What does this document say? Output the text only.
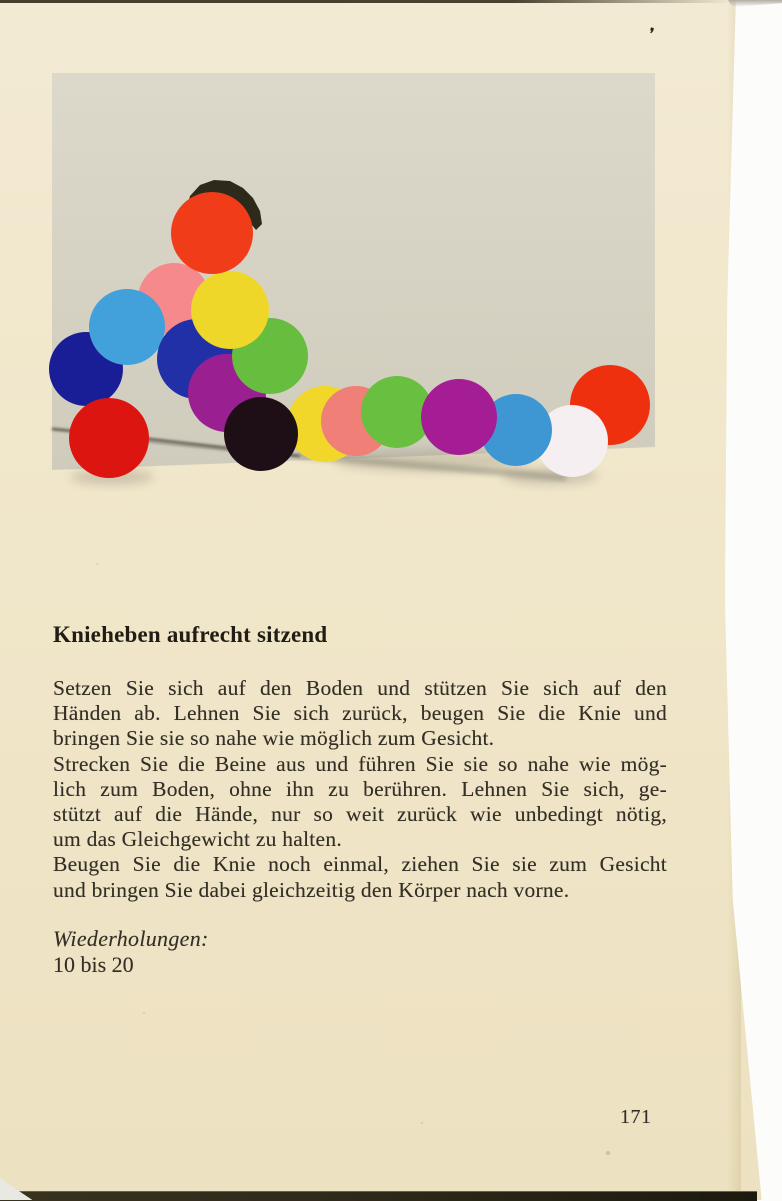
❜
Knieheben aufrecht sitzend
Setzen Sie sich auf den Boden und stützen Sie sich auf den
Händen ab. Lehnen Sie sich zurück, beugen Sie die Knie und
bringen Sie sie so nahe wie möglich zum Gesicht.
Strecken Sie die Beine aus und führen Sie sie so nahe wie mög-
lich zum Boden, ohne ihn zu berühren. Lehnen Sie sich, ge-
stützt auf die Hände, nur so weit zurück wie unbedingt nötig,
um das Gleichgewicht zu halten.
Beugen Sie die Knie noch einmal, ziehen Sie sie zum Gesicht
und bringen Sie dabei gleichzeitig den Körper nach vorne.
Wiederholungen:
10 bis 20
171
